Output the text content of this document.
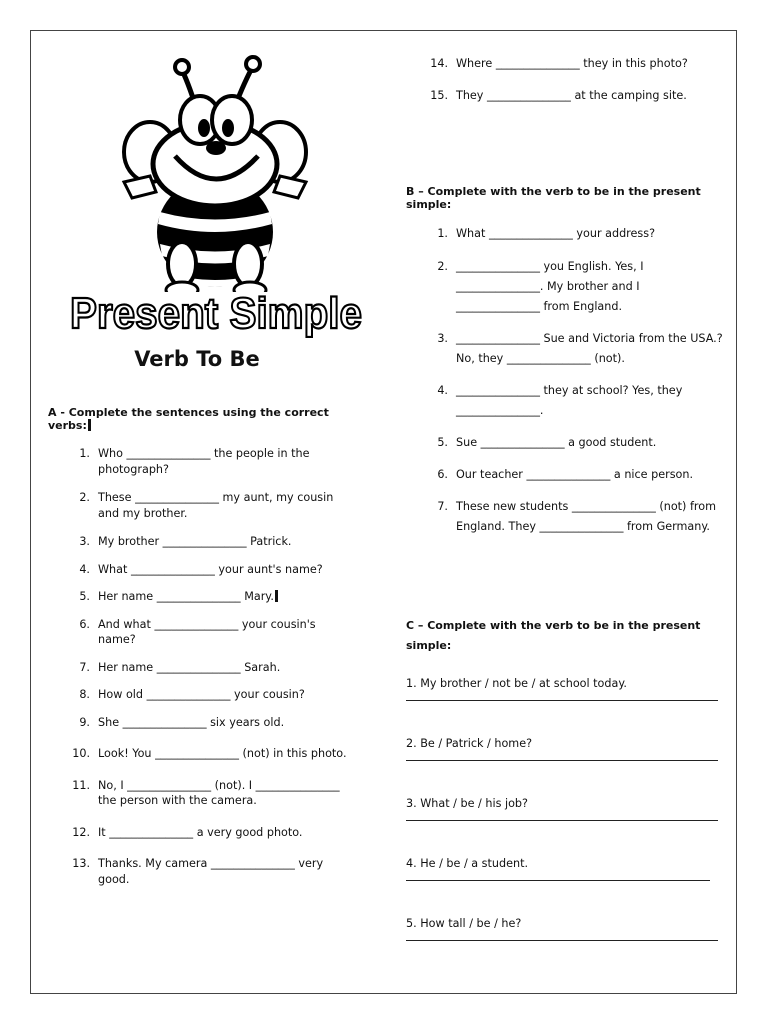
Present Simple
Verb To Be
A - Complete the sentences using the correct verbs:
1. Who _______________ the people in the photograph?
2. These _______________ my aunt, my cousin and my brother.
3. My brother _______________ Patrick.
4. What _______________ your aunt's name?
5. Her name _______________ Mary.
6. And what _______________ your cousin's name?
7. Her name _______________ Sarah.
8. How old _______________ your cousin?
9. She _______________ six years old.
10. Look! You _______________ (not) in this photo.
11. No, I _______________ (not). I _______________ the person with the camera.
12. It _______________ a very good photo.
13. Thanks. My camera _______________ very good.
14. Where _______________ they in this photo?
15. They _______________ at the camping site.
B – Complete with the verb to be in the present simple:
1. What _______________ your address?
2. _______________ you English. Yes, I _______________. My brother and I _______________ from England.
3. _______________ Sue and Victoria from the USA.? No, they _______________ (not).
4. _______________ they at school? Yes, they _______________.
5. Sue _______________ a good student.
6. Our teacher _______________ a nice person.
7. These new students _______________ (not) from England. They _______________ from Germany.
C – Complete with the verb to be in the present simple:
1. My brother / not be / at school today.
2. Be / Patrick / home?
3. What / be / his job?
4. He / be / a student.
5. How tall / be / he?
